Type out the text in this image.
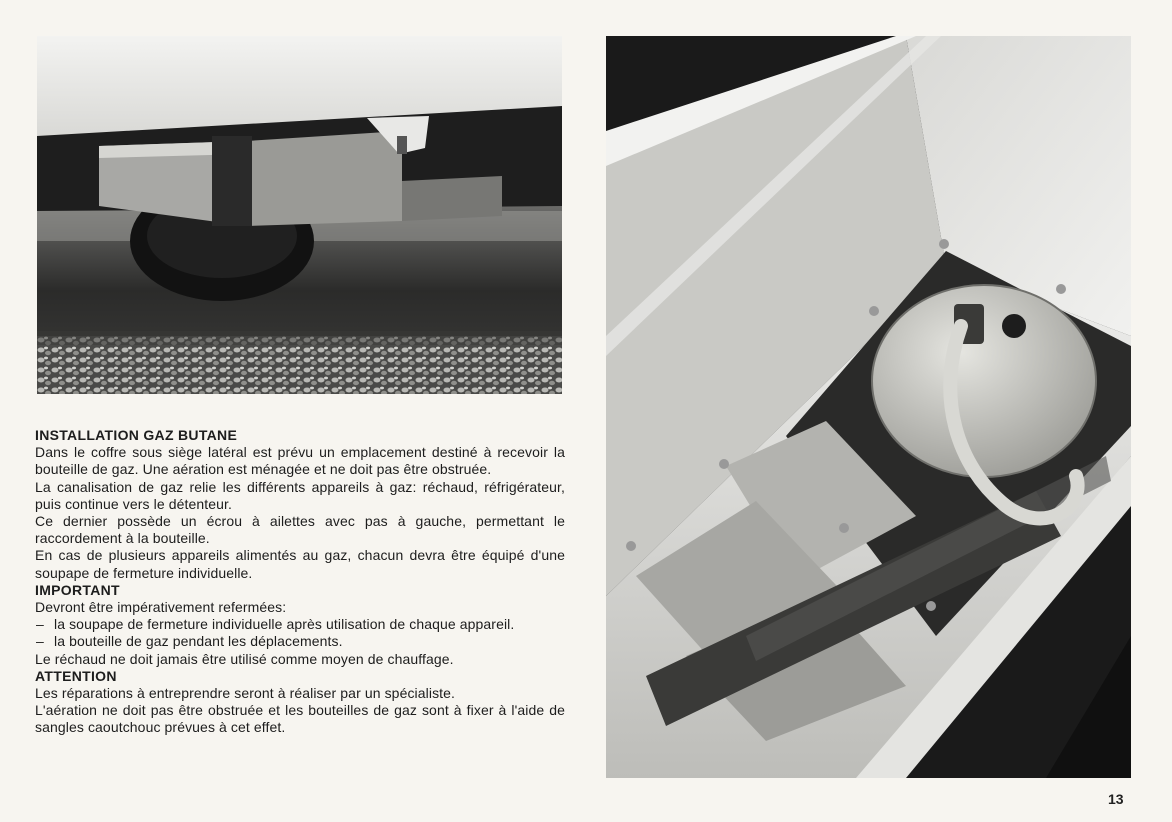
INSTALLATION GAZ BUTANE

Dans le coffre sous siège latéral est prévu un emplacement destiné à recevoir la bouteille de gaz. Une aération est ménagée et ne doit pas être obstruée.

La canalisation de gaz relie les différents appareils à gaz: réchaud, réfrigérateur, puis continue vers le détenteur.

Ce dernier possède un écrou à ailettes avec pas à gauche, permettant le raccordement à la bouteille.

En cas de plusieurs appareils alimentés au gaz, chacun devra être équipé d'une soupape de fermeture individuelle.

IMPORTANT

Devront être impérativement refermées:

– la soupape de fermeture individuelle après utilisation de chaque appareil.
– la bouteille de gaz pendant les déplacements.

Le réchaud ne doit jamais être utilisé comme moyen de chauffage.

ATTENTION

Les réparations à entreprendre seront à réaliser par un spécialiste.

L'aération ne doit pas être obstruée et les bouteilles de gaz sont à fixer à l'aide de sangles caoutchouc prévues à cet effet.

13
